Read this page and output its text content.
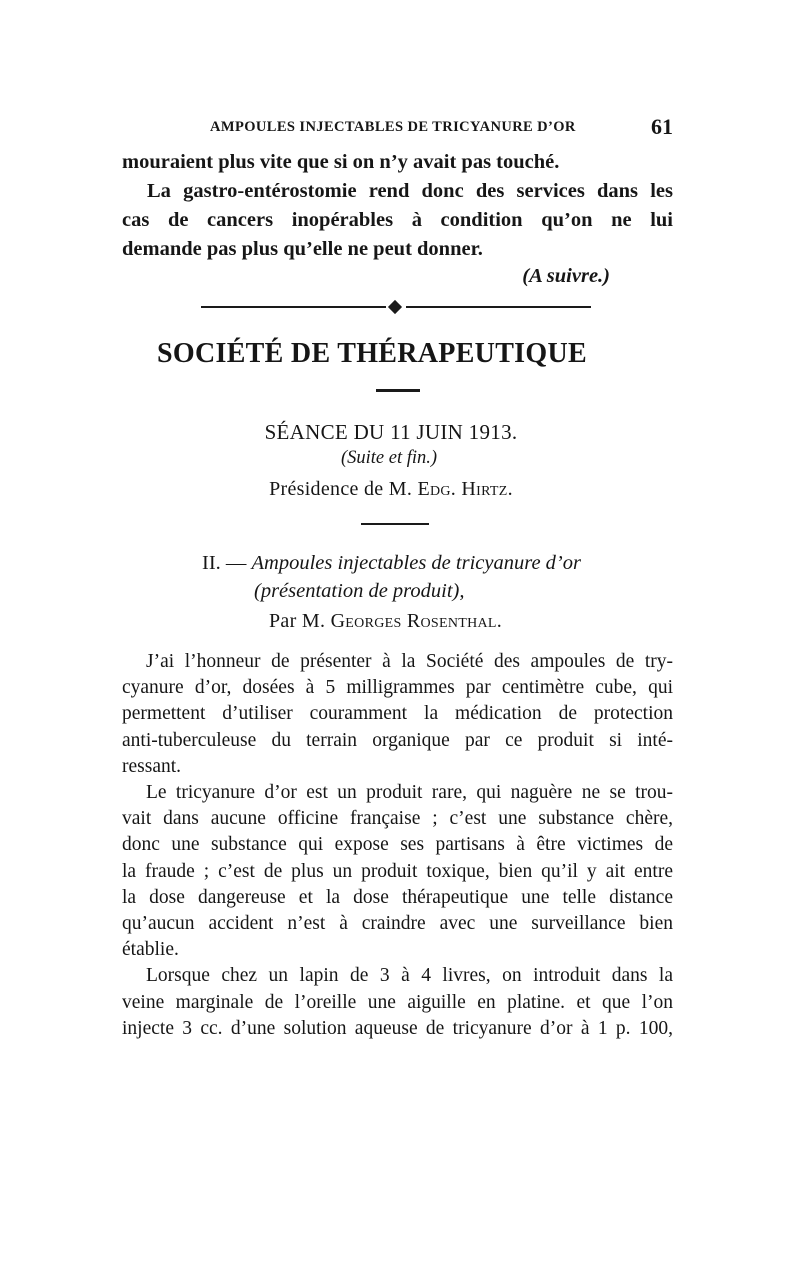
AMPOULES INJECTABLES DE TRICYANURE D’OR	61
mouraient plus vite que si on n’y avait pas touché.
La gastro-entérostomie rend donc des services dans les
cas de cancers inopérables à condition qu’on ne lui
demande pas plus qu’elle ne peut donner.
(A suivre.)
SOCIÉTÉ DE THÉRAPEUTIQUE
SÉANCE DU 11 JUIN 1913.
(Suite et fin.)
Présidence de M. Edg. Hirtz.
II. — Ampoules injectables de tricyanure d’or
(présentation de produit),
Par M. Georges Rosenthal.
J’ai l’honneur de présenter à la Société des ampoules de try-
cyanure d’or, dosées à 5 milligrammes par centimètre cube, qui
permettent d’utiliser couramment la médication de protection
anti-tuberculeuse du terrain organique par ce produit si inté-
ressant.
Le tricyanure d’or est un produit rare, qui naguère ne se trou-
vait dans aucune officine française ; c’est une substance chère,
donc une substance qui expose ses partisans à être victimes de
la fraude ; c’est de plus un produit toxique, bien qu’il y ait entre
la dose dangereuse et la dose thérapeutique une telle distance
qu’aucun accident n’est à craindre avec une surveillance bien
établie.
Lorsque chez un lapin de 3 à 4 livres, on introduit dans la
veine marginale de l’oreille une aiguille en platine. et que l’on
injecte 3 cc. d’une solution aqueuse de tricyanure d’or à 1 p. 100,
